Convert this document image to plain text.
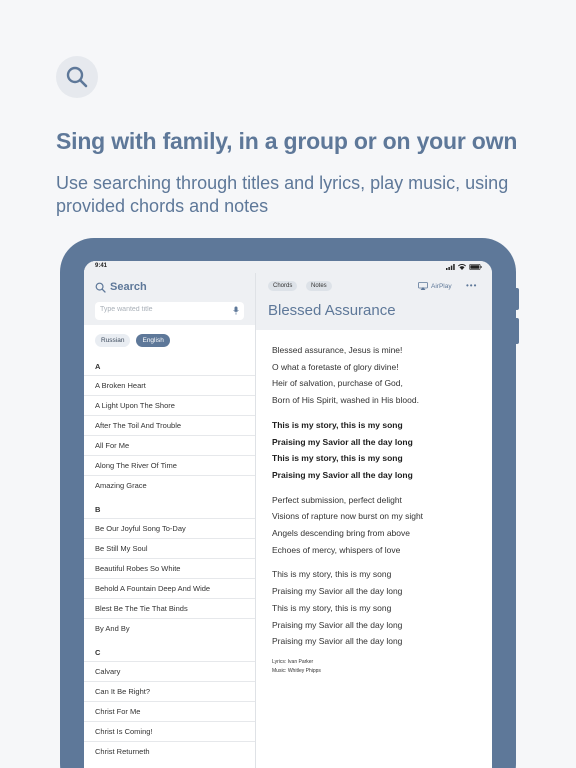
Sing with family, in a group or on your own
Use searching through titles and lyrics, play music, using provided chords and notes
Search
Type wanted title
Russian	English
A
A Broken Heart
A Light Upon The Shore
After The Toil And Trouble
All For Me
Along The River Of Time
Amazing Grace
B
Be Our Joyful Song To-Day
Be Still My Soul
Beautiful Robes So White
Behold A Fountain Deep And Wide
Blest Be The Tie That Binds
By And By
C
Calvary
Can It Be Right?
Christ For Me
Christ Is Coming!
Christ Returneth
9:41
Chords	Notes	AirPlay •••
Blessed Assurance
Blessed assurance, Jesus is mine!
O what a foretaste of glory divine!
Heir of salvation, purchase of God,
Born of His Spirit, washed in His blood.
This is my story, this is my song
Praising my Savior all the day long
This is my story, this is my song
Praising my Savior all the day long
Perfect submission, perfect delight
Visions of rapture now burst on my sight
Angels descending bring from above
Echoes of mercy, whispers of love
This is my story, this is my song
Praising my Savior all the day long
This is my story, this is my song
Praising my Savior all the day long
Praising my Savior all the day long
Lyrics: Ivan Parker
Music: Whitley Phipps
